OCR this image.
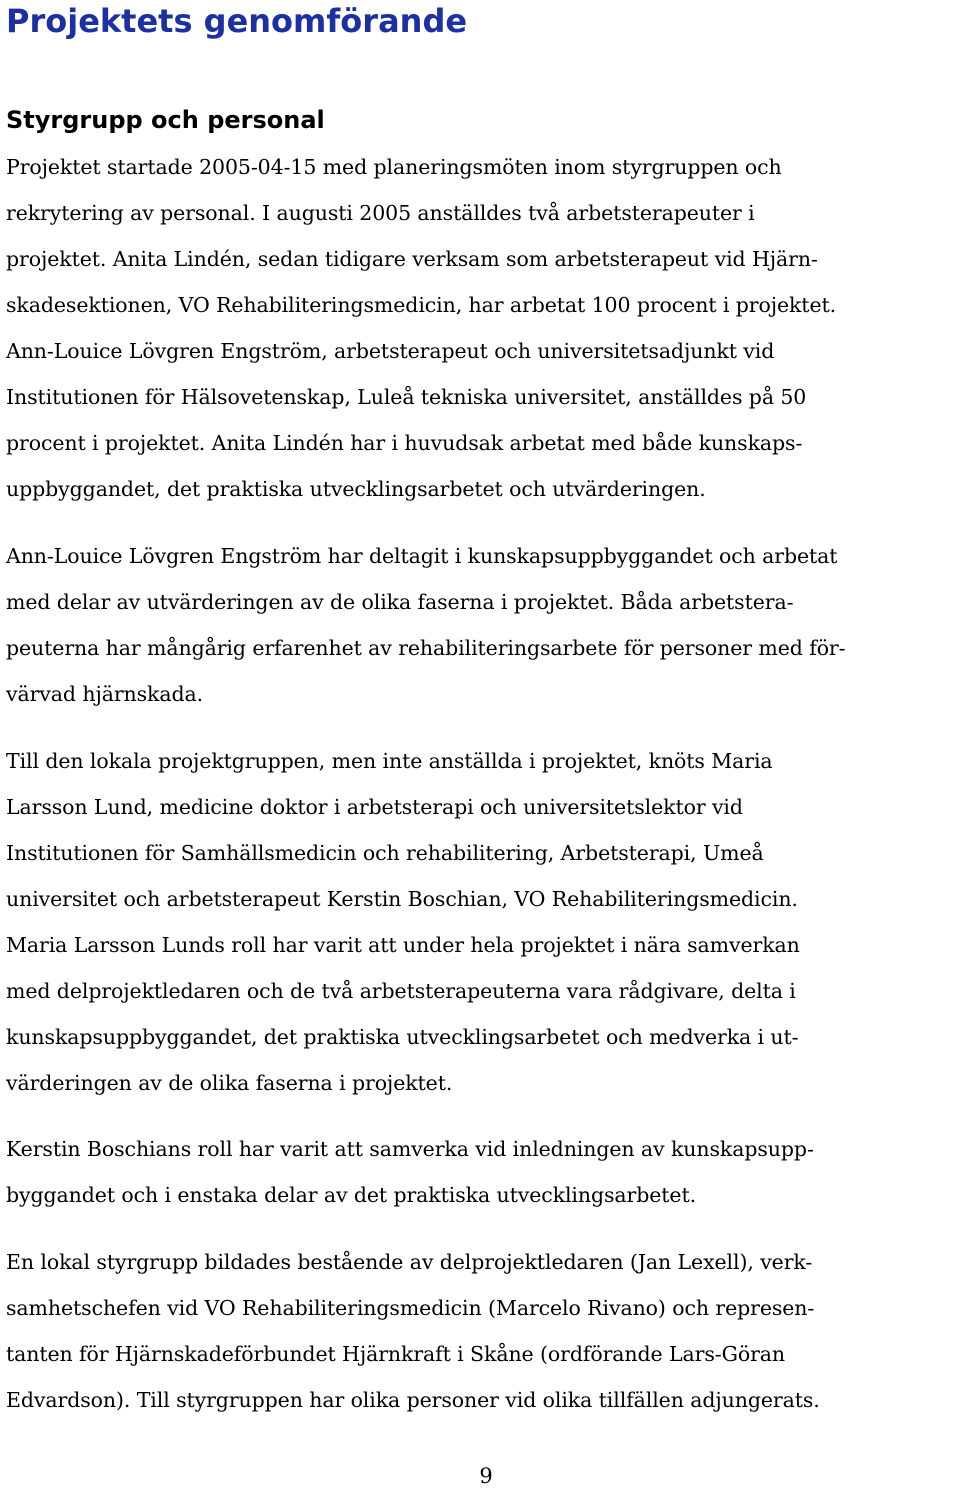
Projektets genomförande
Styrgrupp och personal

Projektet startade 2005-04-15 med planeringsmöten inom styrgruppen och
rekrytering av personal. I augusti 2005 anställdes två arbetsterapeuter i
projektet. Anita Lindén, sedan tidigare verksam som arbetsterapeut vid Hjärn-
skadesektionen, VO Rehabiliteringsmedicin, har arbetat 100 procent i projektet.
Ann-Louice Lövgren Engström, arbetsterapeut och universitetsadjunkt vid
Institutionen för Hälsovetenskap, Luleå tekniska universitet, anställdes på 50
procent i projektet. Anita Lindén har i huvudsak arbetat med både kunskaps-
uppbyggandet, det praktiska utvecklingsarbetet och utvärderingen.

Ann-Louice Lövgren Engström har deltagit i kunskapsuppbyggandet och arbetat
med delar av utvärderingen av de olika faserna i projektet. Båda arbetstera-
peuterna har mångårig erfarenhet av rehabiliteringsarbete för personer med för-
värvad hjärnskada.

Till den lokala projektgruppen, men inte anställda i projektet, knöts Maria
Larsson Lund, medicine doktor i arbetsterapi och universitetslektor vid
Institutionen för Samhällsmedicin och rehabilitering, Arbetsterapi, Umeå
universitet och arbetsterapeut Kerstin Boschian, VO Rehabiliteringsmedicin.
Maria Larsson Lunds roll har varit att under hela projektet i nära samverkan
med delprojektledaren och de två arbetsterapeuterna vara rådgivare, delta i
kunskapsuppbyggandet, det praktiska utvecklingsarbetet och medverka i ut-
värderingen av de olika faserna i projektet.

Kerstin Boschians roll har varit att samverka vid inledningen av kunskapsupp-
byggandet och i enstaka delar av det praktiska utvecklingsarbetet.

En lokal styrgrupp bildades bestående av delprojektledaren (Jan Lexell), verk-
samhetschefen vid VO Rehabiliteringsmedicin (Marcelo Rivano) och represen-
tanten för Hjärnskadeförbundet Hjärnkraft i Skåne (ordförande Lars-Göran
Edvardson). Till styrgruppen har olika personer vid olika tillfällen adjungerats.

9
